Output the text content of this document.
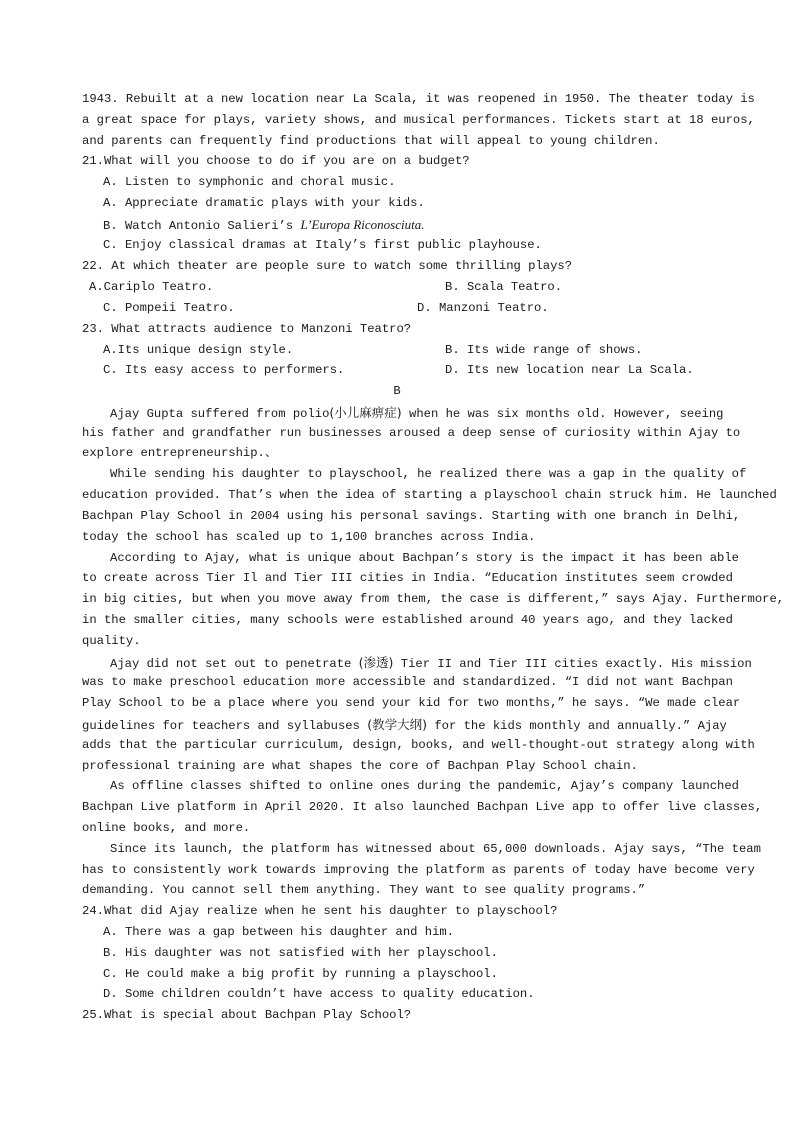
1943. Rebuilt at a new location near La Scala, it was reopened in 1950. The theater today is
a great space for plays, variety shows, and musical performances. Tickets start at 18 euros,
and parents can frequently find productions that will appeal to young children.
21.What will you choose to do if you are on a budget?
A. Listen to symphonic and choral music.
A. Appreciate dramatic plays with your kids.
B. Watch Antonio Salieri’s L’Europa Riconosciuta.
C. Enjoy classical dramas at Italy’s first public playhouse.
22. At which theater are people sure to watch some thrilling plays?
A.Cariplo Teatro.	B. Scala Teatro.
C. Pompeii Teatro.	D. Manzoni Teatro.
23. What attracts audience to Manzoni Teatro?
A.Its unique design style.	B. Its wide range of shows.
C. Its easy access to performers.	D. Its new location near La Scala.
B
Ajay Gupta suffered from polio(小儿麻痹症) when he was six months old. However, seeing
his father and grandfather run businesses aroused a deep sense of curiosity within Ajay to
explore entrepreneurship.、
While sending his daughter to playschool, he realized there was a gap in the quality of
education provided. That’s when the idea of starting a playschool chain struck him. He launched
Bachpan Play School in 2004 using his personal savings. Starting with one branch in Delhi,
today the school has scaled up to 1,100 branches across India.
According to Ajay, what is unique about Bachpan’s story is the impact it has been able
to create across Tier Il and Tier III cities in India. “Education institutes seem crowded
in big cities, but when you move away from them, the case is different,” says Ajay. Furthermore,
in the smaller cities, many schools were established around 40 years ago, and they lacked
quality.
Ajay did not set out to penetrate (渗透) Tier II and Tier III cities exactly. His mission
was to make preschool education more accessible and standardized. “I did not want Bachpan
Play School to be a place where you send your kid for two months,” he says. “We made clear
guidelines for teachers and syllabuses (教学大纲) for the kids monthly and annually.” Ajay
adds that the particular curriculum, design, books, and well-thought-out strategy along with
professional training are what shapes the core of Bachpan Play School chain.
As offline classes shifted to online ones during the pandemic, Ajay’s company launched
Bachpan Live platform in April 2020. It also launched Bachpan Live app to offer live classes,
online books, and more.
Since its launch, the platform has witnessed about 65,000 downloads. Ajay says, “The team
has to consistently work towards improving the platform as parents of today have become very
demanding. You cannot sell them anything. They want to see quality programs.”
24.What did Ajay realize when he sent his daughter to playschool?
A. There was a gap between his daughter and him.
B. His daughter was not satisfied with her playschool.
C. He could make a big profit by running a playschool.
D. Some children couldn’t have access to quality education.
25.What is special about Bachpan Play School?
